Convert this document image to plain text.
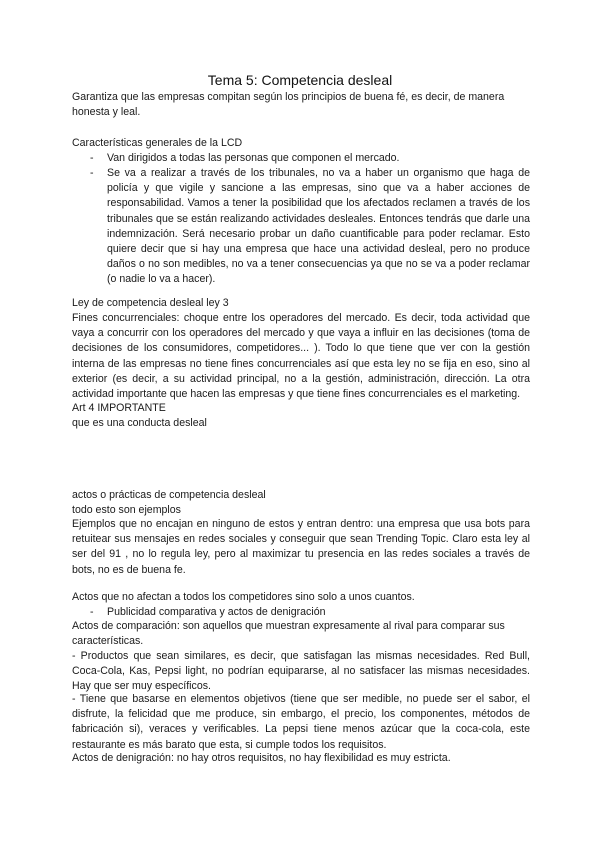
Tema 5: Competencia desleal

Garantiza que las empresas compitan según los principios de buena fé, es decir, de manera honesta y leal.

Características generales de la LCD

- Van dirigidos a todas las personas que componen el mercado.
- Se va a realizar a través de los tribunales, no va a haber un organismo que haga de policía y que vigile y sancione a las empresas, sino que va a haber acciones de responsabilidad. Vamos a tener la posibilidad que los afectados reclamen a través de los tribunales que se están realizando actividades desleales. Entonces tendrás que darle una indemnización. Será necesario probar un daño cuantificable para poder reclamar. Esto quiere decir que si hay una empresa que hace una actividad desleal, pero no produce daños o no son medibles, no va a tener consecuencias ya que no se va a poder reclamar (o nadie lo va a hacer).

Ley de competencia desleal ley 3

Fines concurrenciales: choque entre los operadores del mercado. Es decir, toda actividad que vaya a concurrir con los operadores del mercado y que vaya a influir en las decisiones (toma de decisiones de los consumidores, competidores... ). Todo lo que tiene que ver con la gestión interna de las empresas no tiene fines concurrenciales así que esta ley no se fija en eso, sino al exterior (es decir, a su actividad principal, no a la gestión, administración, dirección. La otra actividad importante que hacen las empresas y que tiene fines concurrenciales es el marketing.

Art 4 IMPORTANTE

que es una conducta desleal

actos o prácticas de competencia desleal

todo esto son ejemplos

Ejemplos que no encajan en ninguno de estos y entran dentro: una empresa que usa bots para retuitear sus mensajes en redes sociales y conseguir que sean Trending Topic. Claro esta ley al ser del 91 , no lo regula ley, pero al maximizar tu presencia en las redes sociales a través de bots, no es de buena fe.

Actos que no afectan a todos los competidores sino solo a unos cuantos.

- Publicidad comparativa y actos de denigración

Actos de comparación: son aquellos que muestran expresamente al rival para comparar sus características.

- Productos que sean similares, es decir, que satisfagan las mismas necesidades. Red Bull, Coca-Cola, Kas, Pepsi light, no podrían equipararse, al no satisfacer las mismas necesidades. Hay que ser muy específicos.

- Tiene que basarse en elementos objetivos (tiene que ser medible, no puede ser el sabor, el disfrute, la felicidad que me produce, sin embargo, el precio, los componentes, métodos de fabricación si), veraces y verificables. La pepsi tiene menos azúcar que la coca-cola, este restaurante es más barato que esta, si cumple todos los requisitos.

Actos de denigración: no hay otros requisitos, no hay flexibilidad es muy estricta.
